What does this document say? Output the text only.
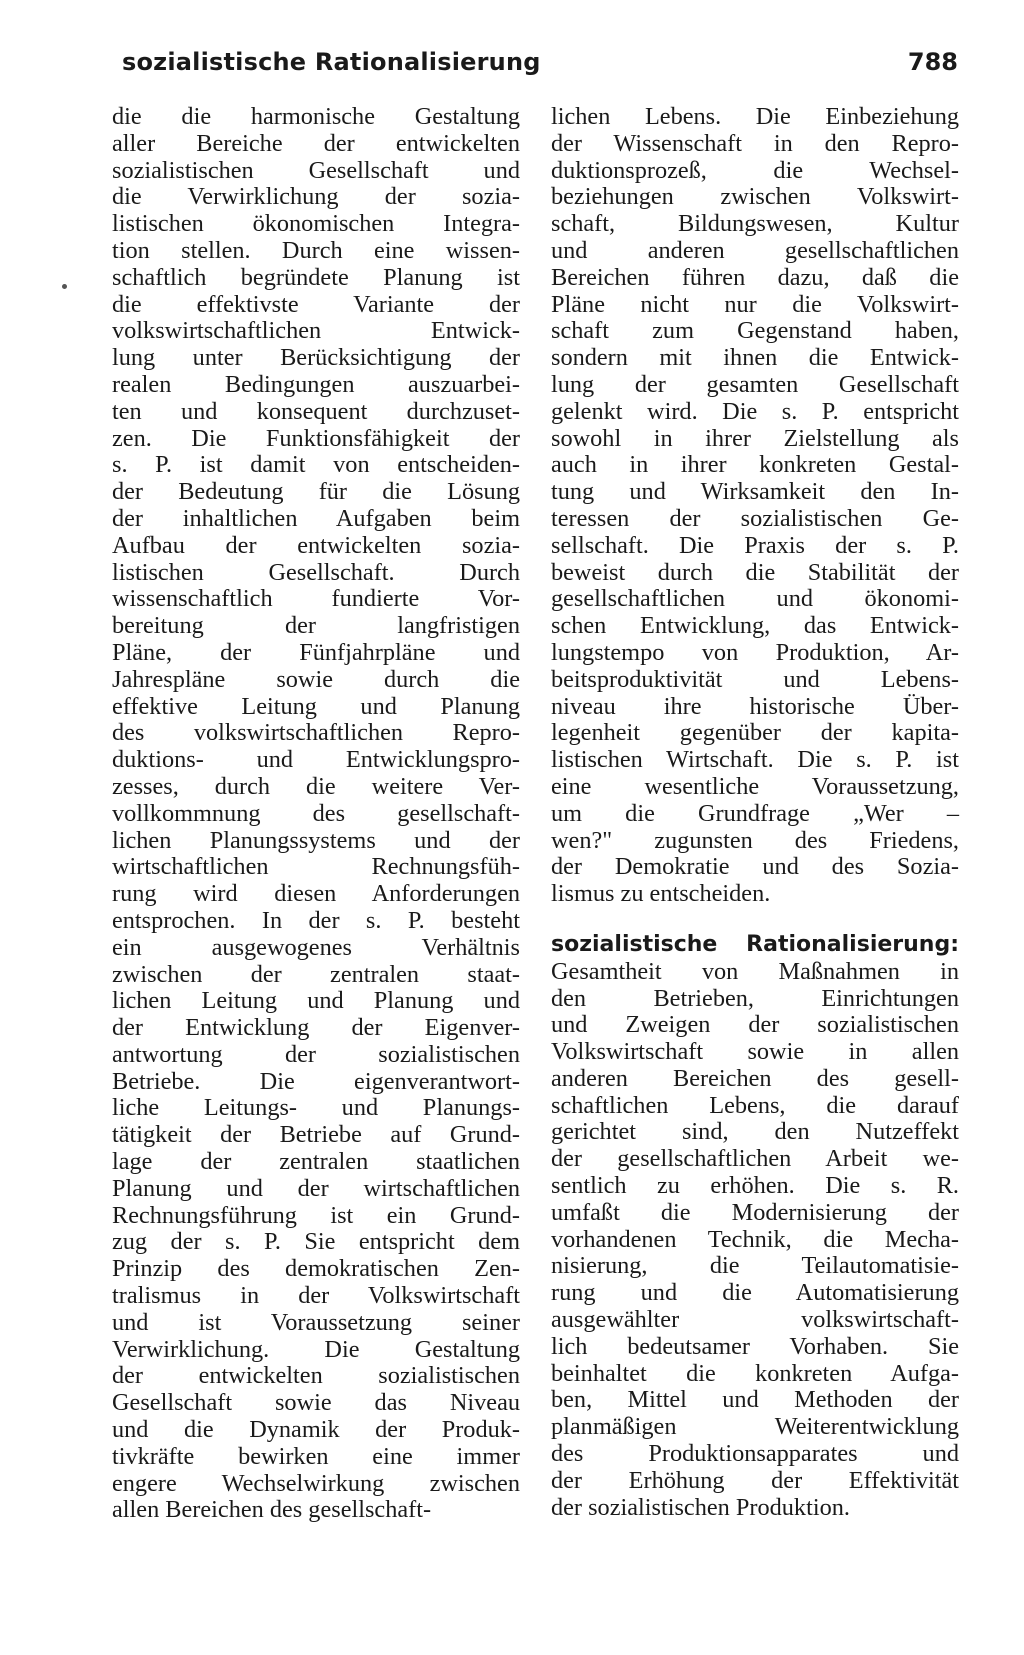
sozialistische Rationalisierung	788
die die harmonische Gestaltung
aller Bereiche der entwickelten
sozialistischen Gesellschaft und
die Verwirklichung der sozia-
listischen ökonomischen Integra-
tion stellen. Durch eine wissen-
schaftlich begründete Planung ist
die effektivste Variante der
volkswirtschaftlichen Entwick-
lung unter Berücksichtigung der
realen Bedingungen auszuarbei-
ten und konsequent durchzuset-
zen. Die Funktionsfähigkeit der
s. P. ist damit von entscheiden-
der Bedeutung für die Lösung
der inhaltlichen Aufgaben beim
Aufbau der entwickelten sozia-
listischen Gesellschaft. Durch
wissenschaftlich fundierte Vor-
bereitung der langfristigen
Pläne, der Fünfjahrpläne und
Jahrespläne sowie durch die
effektive Leitung und Planung
des volkswirtschaftlichen Repro-
duktions- und Entwicklungspro-
zesses, durch die weitere Ver-
vollkommnung des gesellschaft-
lichen Planungssystems und der
wirtschaftlichen Rechnungsfüh-
rung wird diesen Anforderungen
entsprochen. In der s. P. besteht
ein ausgewogenes Verhältnis
zwischen der zentralen staat-
lichen Leitung und Planung und
der Entwicklung der Eigenver-
antwortung der sozialistischen
Betriebe. Die eigenverantwort-
liche Leitungs- und Planungs-
tätigkeit der Betriebe auf Grund-
lage der zentralen staatlichen
Planung und der wirtschaftlichen
Rechnungsführung ist ein Grund-
zug der s. P. Sie entspricht dem
Prinzip des demokratischen Zen-
tralismus in der Volkswirtschaft
und ist Voraussetzung seiner
Verwirklichung. Die Gestaltung
der entwickelten sozialistischen
Gesellschaft sowie das Niveau
und die Dynamik der Produk-
tivkräfte bewirken eine immer
engere Wechselwirkung zwischen
allen Bereichen des gesellschaft-
lichen Lebens. Die Einbeziehung
der Wissenschaft in den Repro-
duktionsprozeß, die Wechsel-
beziehungen zwischen Volkswirt-
schaft, Bildungswesen, Kultur
und anderen gesellschaftlichen
Bereichen führen dazu, daß die
Pläne nicht nur die Volkswirt-
schaft zum Gegenstand haben,
sondern mit ihnen die Entwick-
lung der gesamten Gesellschaft
gelenkt wird. Die s. P. entspricht
sowohl in ihrer Zielstellung als
auch in ihrer konkreten Gestal-
tung und Wirksamkeit den In-
teressen der sozialistischen Ge-
sellschaft. Die Praxis der s. P.
beweist durch die Stabilität der
gesellschaftlichen und ökonomi-
schen Entwicklung, das Entwick-
lungstempo von Produktion, Ar-
beitsproduktivität und Lebens-
niveau ihre historische Über-
legenheit gegenüber der kapita-
listischen Wirtschaft. Die s. P. ist
eine wesentliche Voraussetzung,
um die Grundfrage „Wer –
wen?" zugunsten des Friedens,
der Demokratie und des Sozia-
lismus zu entscheiden.
sozialistische Rationalisierung:
Gesamtheit von Maßnahmen in
den Betrieben, Einrichtungen
und Zweigen der sozialistischen
Volkswirtschaft sowie in allen
anderen Bereichen des gesell-
schaftlichen Lebens, die darauf
gerichtet sind, den Nutzeffekt
der gesellschaftlichen Arbeit we-
sentlich zu erhöhen. Die s. R.
umfaßt die Modernisierung der
vorhandenen Technik, die Mecha-
nisierung, die Teilautomatisie-
rung und die Automatisierung
ausgewählter volkswirtschaft-
lich bedeutsamer Vorhaben. Sie
beinhaltet die konkreten Aufga-
ben, Mittel und Methoden der
planmäßigen Weiterentwicklung
des Produktionsapparates und
der Erhöhung der Effektivität
der sozialistischen Produktion.
